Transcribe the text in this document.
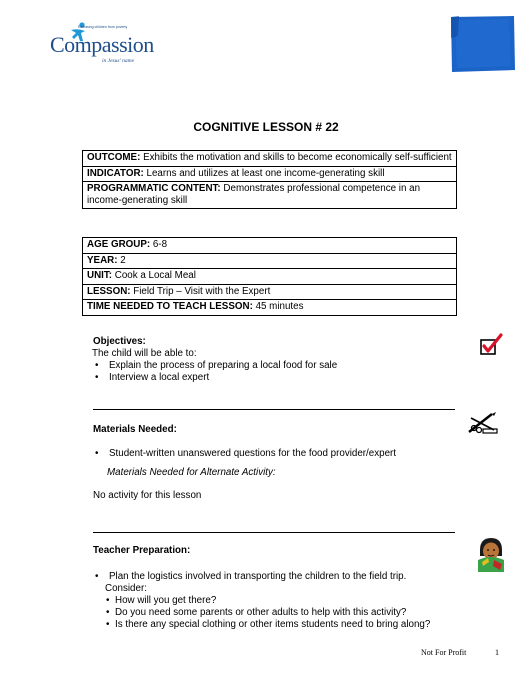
Releasing children from poverty
Compassion
in Jesus' name
COGNITIVE LESSON # 22
OUTCOME: Exhibits the motivation and skills to become economically self-sufficient
INDICATOR: Learns and utilizes at least one income-generating skill
PROGRAMMATIC CONTENT: Demonstrates professional competence in an income-generating skill
AGE GROUP: 6-8
YEAR: 2
UNIT: Cook a Local Meal
LESSON: Field Trip – Visit with the Expert
TIME NEEDED TO TEACH LESSON: 45 minutes
Objectives:
The child will be able to:
• Explain the process of preparing a local food for sale
• Interview a local expert
Materials Needed:
• Student-written unanswered questions for the food provider/expert
Materials Needed for Alternate Activity:
No activity for this lesson
Teacher Preparation:
• Plan the logistics involved in transporting the children to the field trip.
Consider:
• How will you get there?
• Do you need some parents or other adults to help with this activity?
• Is there any special clothing or other items students need to bring along?
Not For Profit	1
